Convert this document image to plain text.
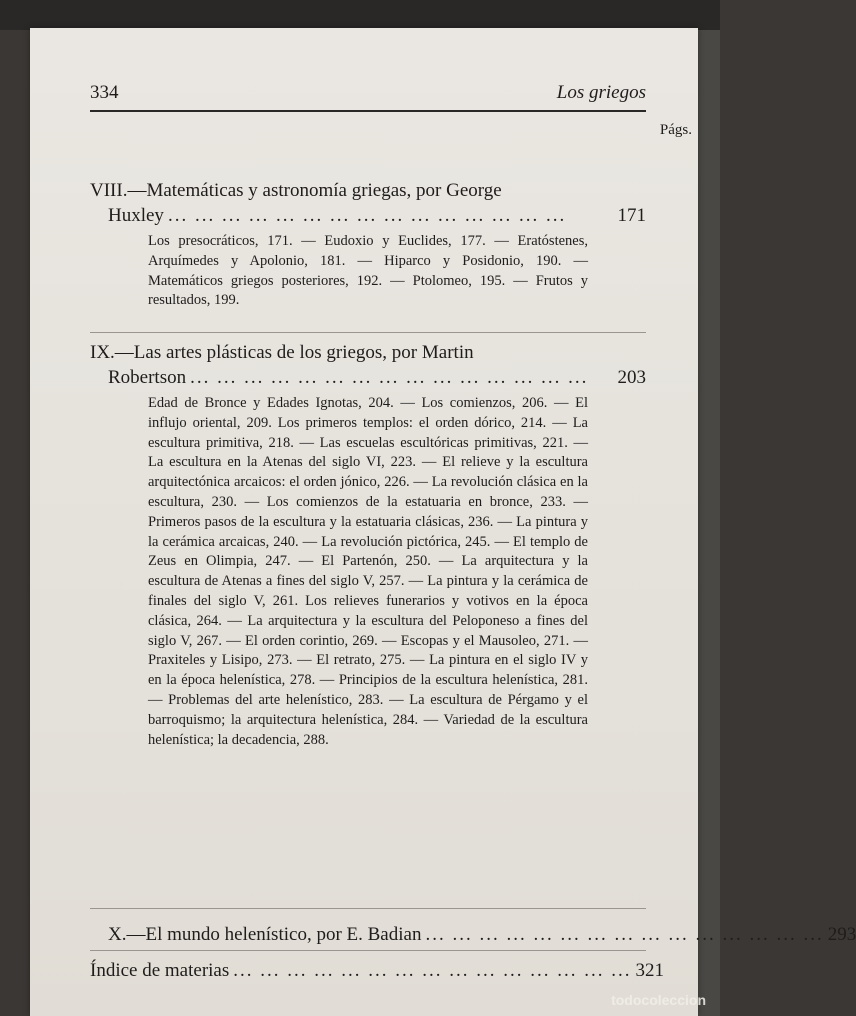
334	Los griegos
Págs.
VIII.—Matemáticas y astronomía griegas, por George
Huxley ... ... ... ... ... ... ... ... ... ... ... ... ... ... ...	171
Los presocráticos, 171. — Eudoxio y Euclides, 177. — Eratóstenes, Arquímedes y Apolonio, 181. — Hiparco y Posidonio, 190. — Matemáticos griegos posteriores, 192. — Ptolomeo, 195. — Frutos y resultados, 199.
IX.—Las artes plásticas de los griegos, por Martin
Robertson ... ... ... ... ... ... ... ... ... ... ... ... ... ... ...	203
Edad de Bronce y Edades Ignotas, 204. — Los comienzos, 206. — El influjo oriental, 209. Los primeros templos: el orden dórico, 214. — La escultura primitiva, 218. — Las escuelas escultóricas primitivas, 221. — La escultura en la Atenas del siglo VI, 223. — El relieve y la escultura arquitectónica arcaicos: el orden jónico, 226. — La revolución clásica en la escultura, 230. — Los comienzos de la estatuaria en bronce, 233. — Primeros pasos de la escultura y la estatuaria clásicas, 236. — La pintura y la cerámica arcaicas, 240. — La revolución pictórica, 245. — El templo de Zeus en Olimpia, 247. — El Partenón, 250. — La arquitectura y la escultura de Atenas a fines del siglo V, 257. — La pintura y la cerámica de finales del siglo V, 261. Los relieves funerarios y votivos en la época clásica, 264. — La arquitectura y la escultura del Peloponeso a fines del siglo V, 267. — El orden corintio, 269. — Escopas y el Mausoleo, 271. — Praxiteles y Lisipo, 273. — El retrato, 275. — La pintura en el siglo IV y en la época helenística, 278. — Principios de la escultura helenística, 281. — Problemas del arte helenístico, 283. — La escultura de Pérgamo y el barroquismo; la arquitectura helenística, 284. — Variedad de la escultura helenística; la decadencia, 288.
X.—El mundo helenístico, por E. Badian ... ... ... ... ... ... ... ... ... ... ... ... ... ... ... 293
Índice de materias ... ... ... ... ... ... ... ... ... ... ... ... ... ... ... 321
todocoleccion
